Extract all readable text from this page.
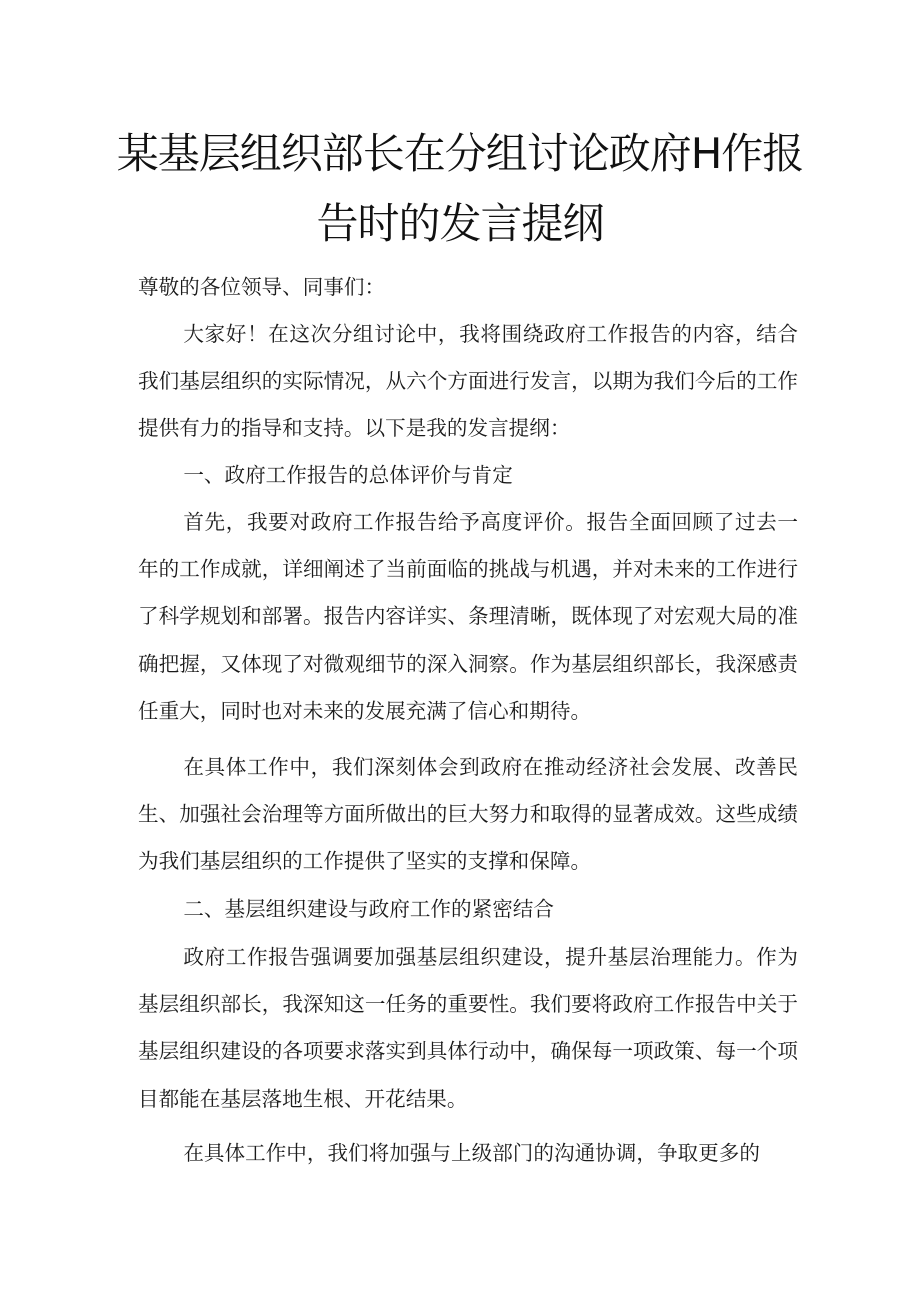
某基层组织部长在分组讨论政府H作报
告时的发言提纲

尊敬的各位领导、同事们：

大家好！在这次分组讨论中，我将围绕政府工作报告的内容，结合我们基层组织的实际情况，从六个方面进行发言，以期为我们今后的工作提供有力的指导和支持。以下是我的发言提纲：

一、政府工作报告的总体评价与肯定

首先，我要对政府工作报告给予高度评价。报告全面回顾了过去一年的工作成就，详细阐述了当前面临的挑战与机遇，并对未来的工作进行了科学规划和部署。报告内容详实、条理清晰，既体现了对宏观大局的准确把握，又体现了对微观细节的深入洞察。作为基层组织部长，我深感责任重大，同时也对未来的发展充满了信心和期待。

在具体工作中，我们深刻体会到政府在推动经济社会发展、改善民生、加强社会治理等方面所做出的巨大努力和取得的显著成效。这些成绩为我们基层组织的工作提供了坚实的支撑和保障。

二、基层组织建设与政府工作的紧密结合

政府工作报告强调要加强基层组织建设，提升基层治理能力。作为基层组织部长，我深知这一任务的重要性。我们要将政府工作报告中关于基层组织建设的各项要求落实到具体行动中，确保每一项政策、每一个项目都能在基层落地生根、开花结果。

在具体工作中，我们将加强与上级部门的沟通协调，争取更多的
